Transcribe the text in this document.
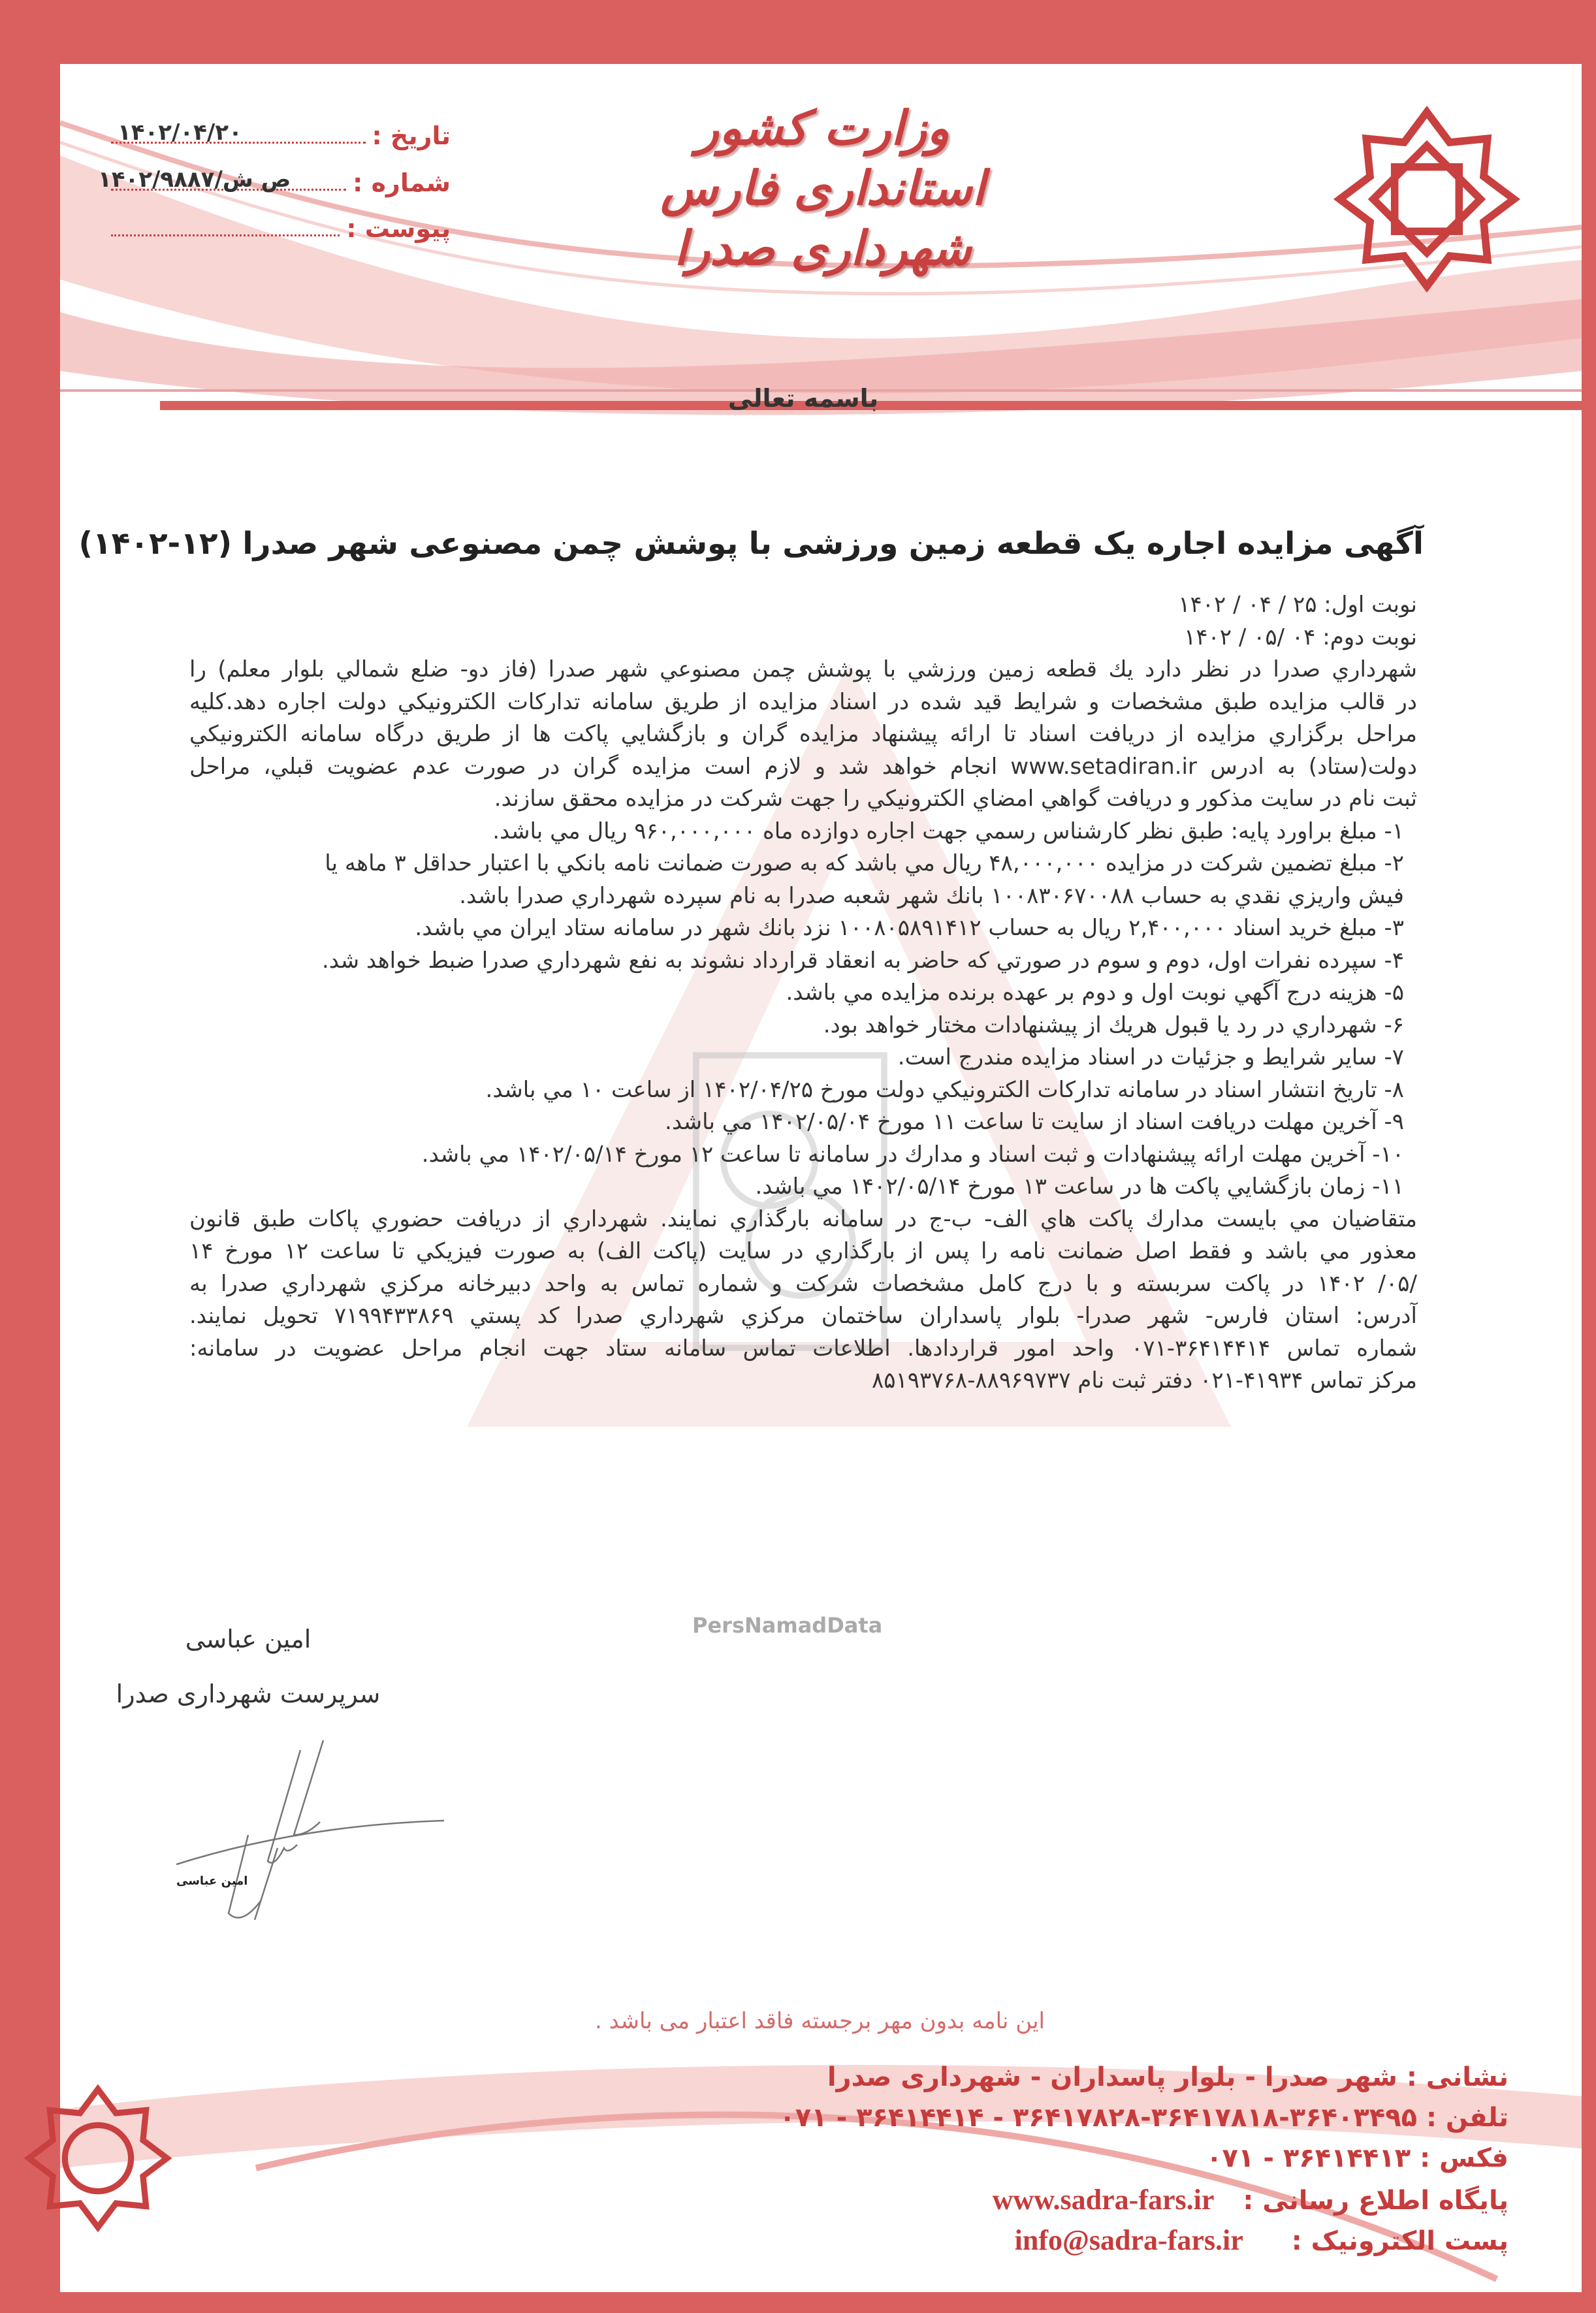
PersNamadData
وزارت کشور
استانداری فارس
شهرداری صدرا
تاریخ :
۱۴۰۲/۰۴/۲۰
شماره :
ص ش/۱۴۰۲/۹۸۸۷
پیوست :
باسمه تعالی
آگهی مزایده اجاره یک قطعه زمین ورزشی با پوشش چمن مصنوعی شهر صدرا (۱۲-۱۴۰۲)
نوبت اول: ۲۵ / ۰۴ / ۱۴۰۲
نوبت دوم: ۰۴ /۰۵ / ۱۴۰۲
شهرداري صدرا در نظر دارد يك قطعه زمين ورزشي با پوشش چمن مصنوعي شهر صدرا (فاز دو- ضلع شمالي بلوار معلم) را
در قالب مزايده طبق مشخصات و شرايط قيد شده در اسناد مزايده از طريق سامانه تداركات الكترونيكي دولت اجاره دهد.كليه
مراحل برگزاري مزايده از دريافت اسناد تا ارائه پيشنهاد مزايده گران و بازگشايي پاكت ها از طريق درگاه سامانه الكترونيكي
دولت(ستاد) به ادرس www.setadiran.ir انجام خواهد شد و لازم است مزايده گران در صورت عدم عضويت قبلي، مراحل
ثبت نام در سايت مذكور و دريافت گواهي امضاي الكترونيكي را جهت شركت در مزايده محقق سازند.
۱- مبلغ براورد پايه: طبق نظر كارشناس رسمي جهت اجاره دوازده ماه ۹۶۰,۰۰۰,۰۰۰ ريال مي باشد.
۲- مبلغ تضمين شركت در مزايده ۴۸,۰۰۰,۰۰۰ ريال مي باشد كه به صورت ضمانت نامه بانكي با اعتبار حداقل ۳ ماهه يا
فيش واريزي نقدي به حساب ۱۰۰۸۳۰۶۷۰۰۸۸ بانك شهر شعبه صدرا به نام سپرده شهرداري صدرا باشد.
۳- مبلغ خريد اسناد ۲,۴۰۰,۰۰۰ ريال به حساب ۱۰۰۸۰۵۸۹۱۴۱۲ نزد بانك شهر در سامانه ستاد ايران مي باشد.
۴- سپرده نفرات اول، دوم و سوم در صورتي كه حاضر به انعقاد قرارداد نشوند به نفع شهرداري صدرا ضبط خواهد شد.
۵- هزينه درج آگهي نوبت اول و دوم بر عهده برنده مزايده مي باشد.
۶- شهرداري در رد يا قبول هريك از پيشنهادات مختار خواهد بود.
۷- ساير شرايط و جزئيات در اسناد مزايده مندرج است.
۸- تاريخ انتشار اسناد در سامانه تداركات الكترونيكي دولت مورخ ۱۴۰۲/۰۴/۲۵ از ساعت ۱۰ مي باشد.
۹- آخرين مهلت دريافت اسناد از سايت تا ساعت ۱۱ مورخ ۱۴۰۲/۰۵/۰۴ مي باشد.
۱۰- آخرين مهلت ارائه پيشنهادات و ثبت اسناد و مدارك در سامانه تا ساعت ۱۲ مورخ ۱۴۰۲/۰۵/۱۴ مي باشد.
۱۱- زمان بازگشايي پاكت ها در ساعت ۱۳ مورخ ۱۴۰۲/۰۵/۱۴ مي باشد.
متقاضيان مي بايست مدارك پاكت هاي الف- ب-ج در سامانه بارگذاري نمايند. شهرداري از دريافت حضوري پاكات طبق قانون
معذور مي باشد و فقط اصل ضمانت نامه را پس از بارگذاري در سايت (پاكت الف) به صورت فيزيكي تا ساعت ۱۲ مورخ ۱۴
/۰۵/ ۱۴۰۲ در پاكت سربسته و با درج كامل مشخصات شركت و شماره تماس به واحد دبيرخانه مركزي شهرداري صدرا به
آدرس: استان فارس- شهر صدرا- بلوار پاسداران ساختمان مركزي شهرداري صدرا كد پستي ۷۱۹۹۴۳۳۸۶۹ تحويل نمايند.
شماره تماس ۳۶۴۱۴۴۱۴-۰۷۱ واحد امور قراردادها. اطلاعات تماس سامانه ستاد جهت انجام مراحل عضويت در سامانه:
مركز تماس ۴۱۹۳۴-۰۲۱ دفتر ثبت نام ۸۸۹۶۹۷۳۷-۸۵۱۹۳۷۶۸
امین عباسی
سرپرست شهرداری صدرا
امین عباسی
این نامه بدون مهر برجسته فاقد اعتبار می باشد .
نشانی : شهر صدرا - بلوار پاسداران - شهرداری صدرا
تلفن : ۳۶۴۰۳۴۹۵-۳۶۴۱۷۸۱۸-۳۶۴۱۷۸۲۸ - ۳۶۴۱۴۴۱۴ - ۰۷۱
فکس : ۳۶۴۱۴۴۱۳ - ۰۷۱
پایگاه اطلاع رسانی : www.sadra-fars.ir
پست الکترونیک : info@sadra-fars.ir
